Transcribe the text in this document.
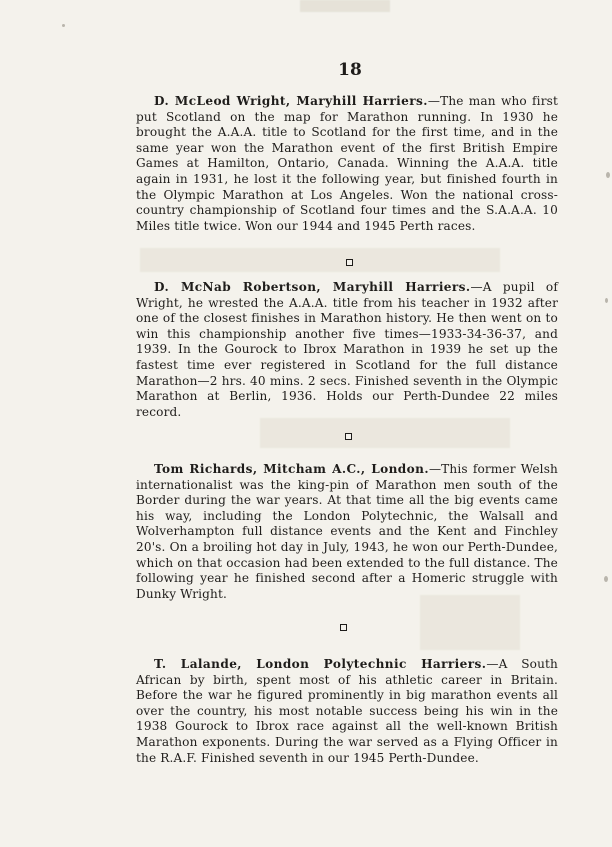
18

D. McLeod Wright, Maryhill Harriers.—The man who first put Scotland on the map for Marathon running. In 1930 he brought the A.A.A. title to Scotland for the first time, and in the same year won the Marathon event of the first British Empire Games at Hamilton, Ontario, Canada. Winning the A.A.A. title again in 1931, he lost it the following year, but finished fourth in the Olympic Marathon at Los Angeles. Won the national cross-country championship of Scotland four times and the S.A.A.A. 10 Miles title twice. Won our 1944 and 1945 Perth races.

D. McNab Robertson, Maryhill Harriers.—A pupil of Wright, he wrested the A.A.A. title from his teacher in 1932 after one of the closest finishes in Marathon history. He then went on to win this championship another five times—1933-34-36-37, and 1939. In the Gourock to Ibrox Marathon in 1939 he set up the fastest time ever registered in Scotland for the full distance Marathon—2 hrs. 40 mins. 2 secs. Finished seventh in the Olympic Marathon at Berlin, 1936. Holds our Perth-Dundee 22 miles record.

Tom Richards, Mitcham A.C., London.—This former Welsh internationalist was the king-pin of Marathon men south of the Border during the war years. At that time all the big events came his way, including the London Polytechnic, the Walsall and Wolverhampton full distance events and the Kent and Finchley 20's. On a broiling hot day in July, 1943, he won our Perth-Dundee, which on that occasion had been extended to the full distance. The following year he finished second after a Homeric struggle with Dunky Wright.

T. Lalande, London Polytechnic Harriers.—A South African by birth, spent most of his athletic career in Britain. Before the war he figured prominently in big marathon events all over the country, his most notable success being his win in the 1938 Gourock to Ibrox race against all the well-known British Marathon exponents. During the war served as a Flying Officer in the R.A.F. Finished seventh in our 1945 Perth-Dundee.
